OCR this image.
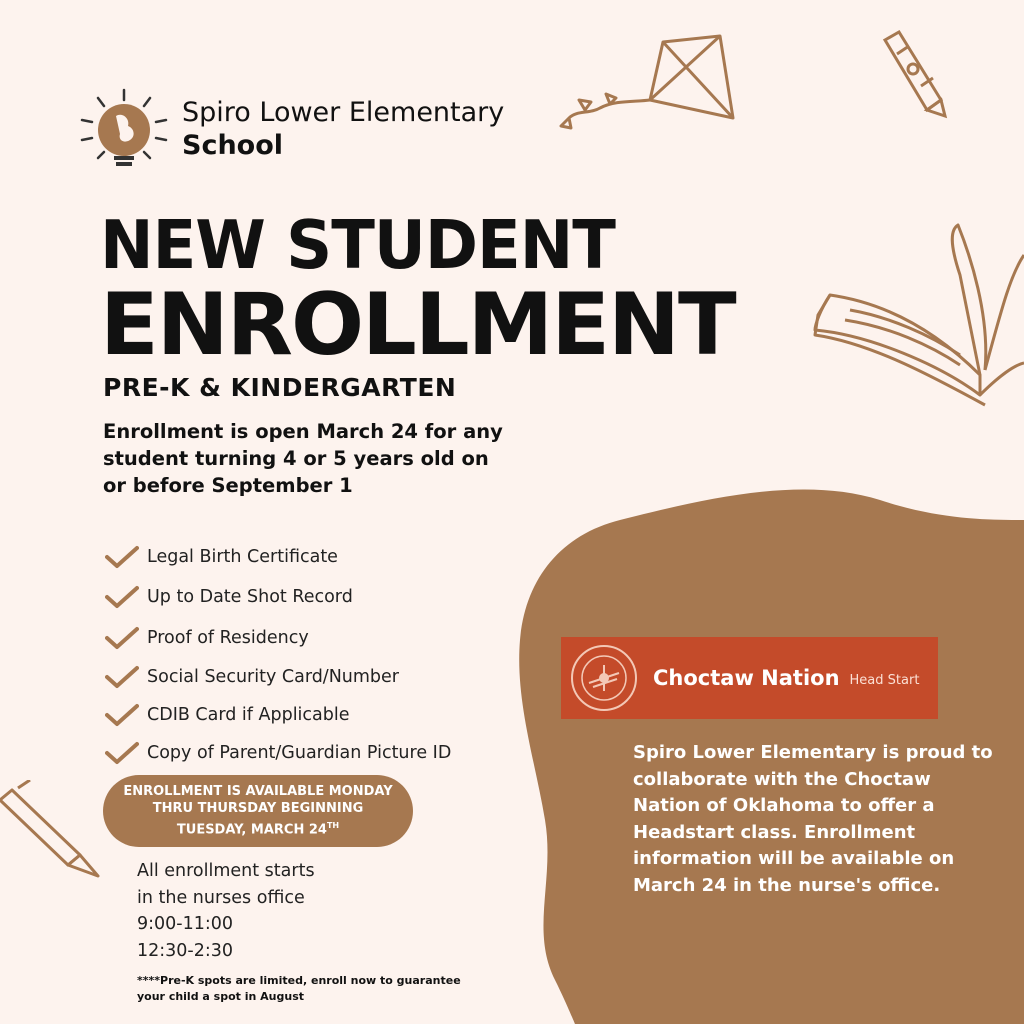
Spiro Lower Elementary
School
NEW STUDENT
ENROLLMENT
PRE-K & KINDERGARTEN
Enrollment is open March 24 for any student turning 4 or 5 years old on or before September 1
Legal Birth Certificate
Up to Date Shot Record
Proof of Residency
Social Security Card/Number
CDIB Card if Applicable
Copy of Parent/Guardian Picture ID
ENROLLMENT IS AVAILABLE MONDAY
THRU THURSDAY BEGINNING
TUESDAY, MARCH 24TH
All enrollment starts
in the nurses office
9:00-11:00
12:30-2:30
****Pre-K spots are limited, enroll now to guarantee your child a spot in August
Choctaw Nation Head Start
Spiro Lower Elementary is proud to collaborate with the Choctaw Nation of Oklahoma to offer a Headstart class. Enrollment information will be available on March 24 in the nurse's office.
